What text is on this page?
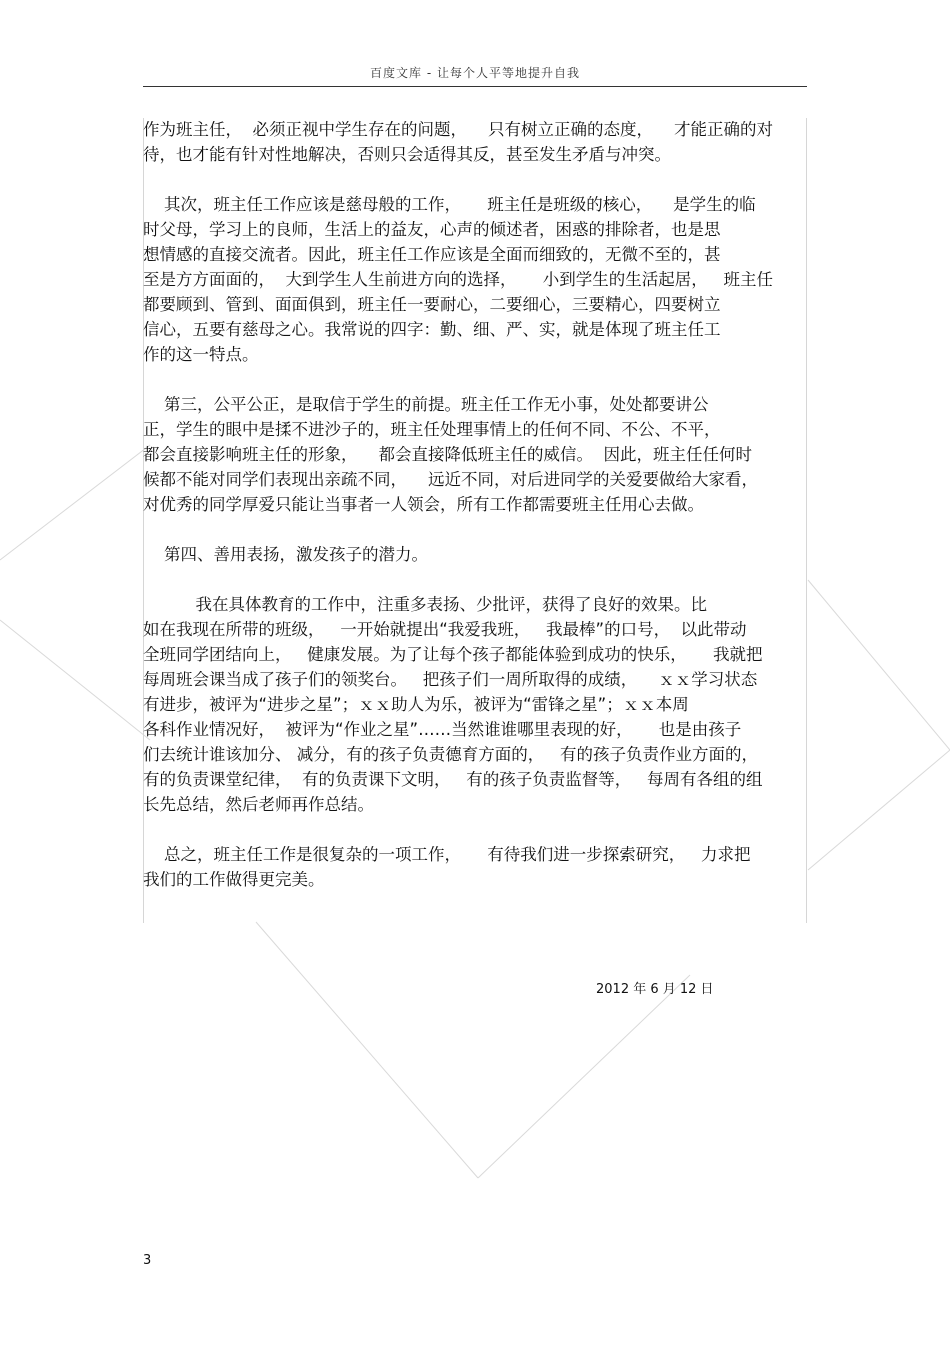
百度文库 - 让每个人平等地提升自我
作为班主任，  必须正视中学生存在的问题，    只有树立正确的态度，    才能正确的对
待，也才能有针对性地解决，否则只会适得其反，甚至发生矛盾与冲突。
其次，班主任工作应该是慈母般的工作，     班主任是班级的核心，    是学生的临
时父母，学习上的良师，生活上的益友，心声的倾述者，困惑的排除者，也是思
想情感的直接交流者。因此，班主任工作应该是全面而细致的，无微不至的，甚
至是方方面面的，  大到学生人生前进方向的选择，     小到学生的生活起居，   班主任
都要顾到、管到、面面俱到，班主任一要耐心，二要细心，三要精心，四要树立
信心，五要有慈母之心。我常说的四字：勤、细、严、实，就是体现了班主任工
作的这一特点。
第三，公平公正，是取信于学生的前提。班主任工作无小事，处处都要讲公
正，学生的眼中是揉不进沙子的，班主任处理事情上的任何不同、不公、不平，
都会直接影响班主任的形象，    都会直接降低班主任的威信。  因此，班主任任何时
候都不能对同学们表现出亲疏不同，    远近不同，对后进同学的关爱要做给大家看，
对优秀的同学厚爱只能让当事者一人领会，所有工作都需要班主任用心去做。
第四、善用表扬，激发孩子的潜力。
我在具体教育的工作中，注重多表扬、少批评，获得了良好的效果。比
如在我现在所带的班级，   一开始就提出“我爱我班，   我最棒”的口号，  以此带动
全班同学团结向上，   健康发展。为了让每个孩子都能体验到成功的快乐，     我就把
每周班会课当成了孩子们的领奖台。   把孩子们一周所取得的成绩，    ｘｘ学习状态
有进步，被评为“进步之星”；ｘｘ助人为乐，被评为“雷锋之星”；ｘｘ本周
各科作业情况好，  被评为“作业之星”……当然谁谁哪里表现的好，     也是由孩子
们去统计谁该加分、 减分，有的孩子负责德育方面的，   有的孩子负责作业方面的，
有的负责课堂纪律，  有的负责课下文明，   有的孩子负责监督等，   每周有各组的组
长先总结，然后老师再作总结。
总之，班主任工作是很复杂的一项工作，     有待我们进一步探索研究，   力求把
我们的工作做得更完美。
2012 年 6 月 12 日
3
